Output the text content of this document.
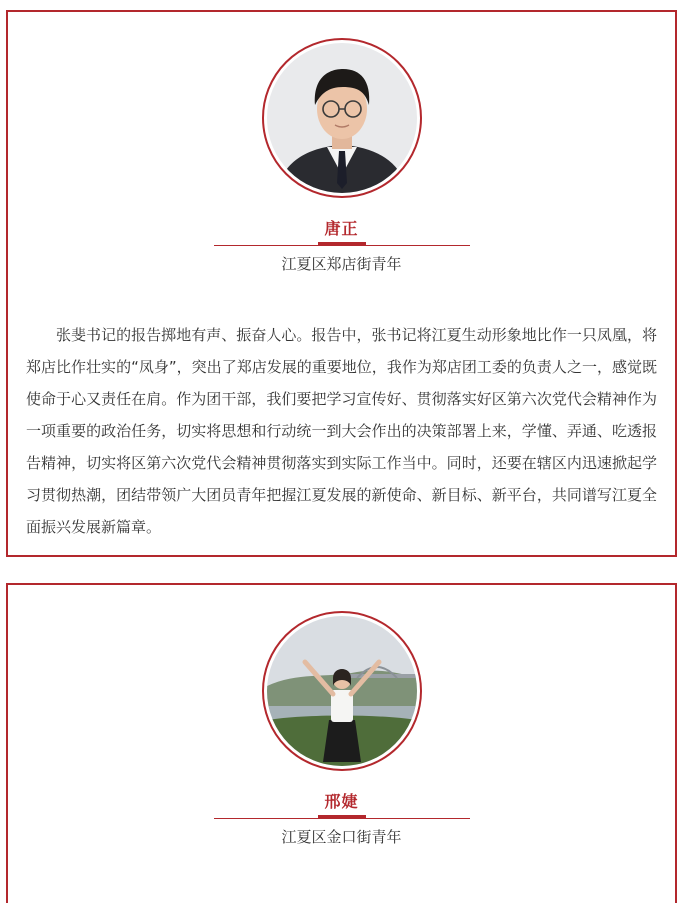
唐正
江夏区郑店街青年

张斐书记的报告掷地有声、振奋人心。报告中，张书记将江夏生动形象地比作一只凤凰，将郑店比作壮实的“凤身”，突出了郑店发展的重要地位，我作为郑店团工委的负责人之一，感觉既使命于心又责任在肩。作为团干部，我们要把学习宣传好、贯彻落实好区第六次党代会精神作为一项重要的政治任务，切实将思想和行动统一到大会作出的决策部署上来，学懂、弄通、吃透报告精神，切实将区第六次党代会精神贯彻落实到实际工作当中。同时，还要在辖区内迅速掀起学习贯彻热潮，团结带领广大团员青年把握江夏发展的新使命、新目标、新平台，共同谱写江夏全面振兴发展新篇章。

邢婕
江夏区金口街青年
